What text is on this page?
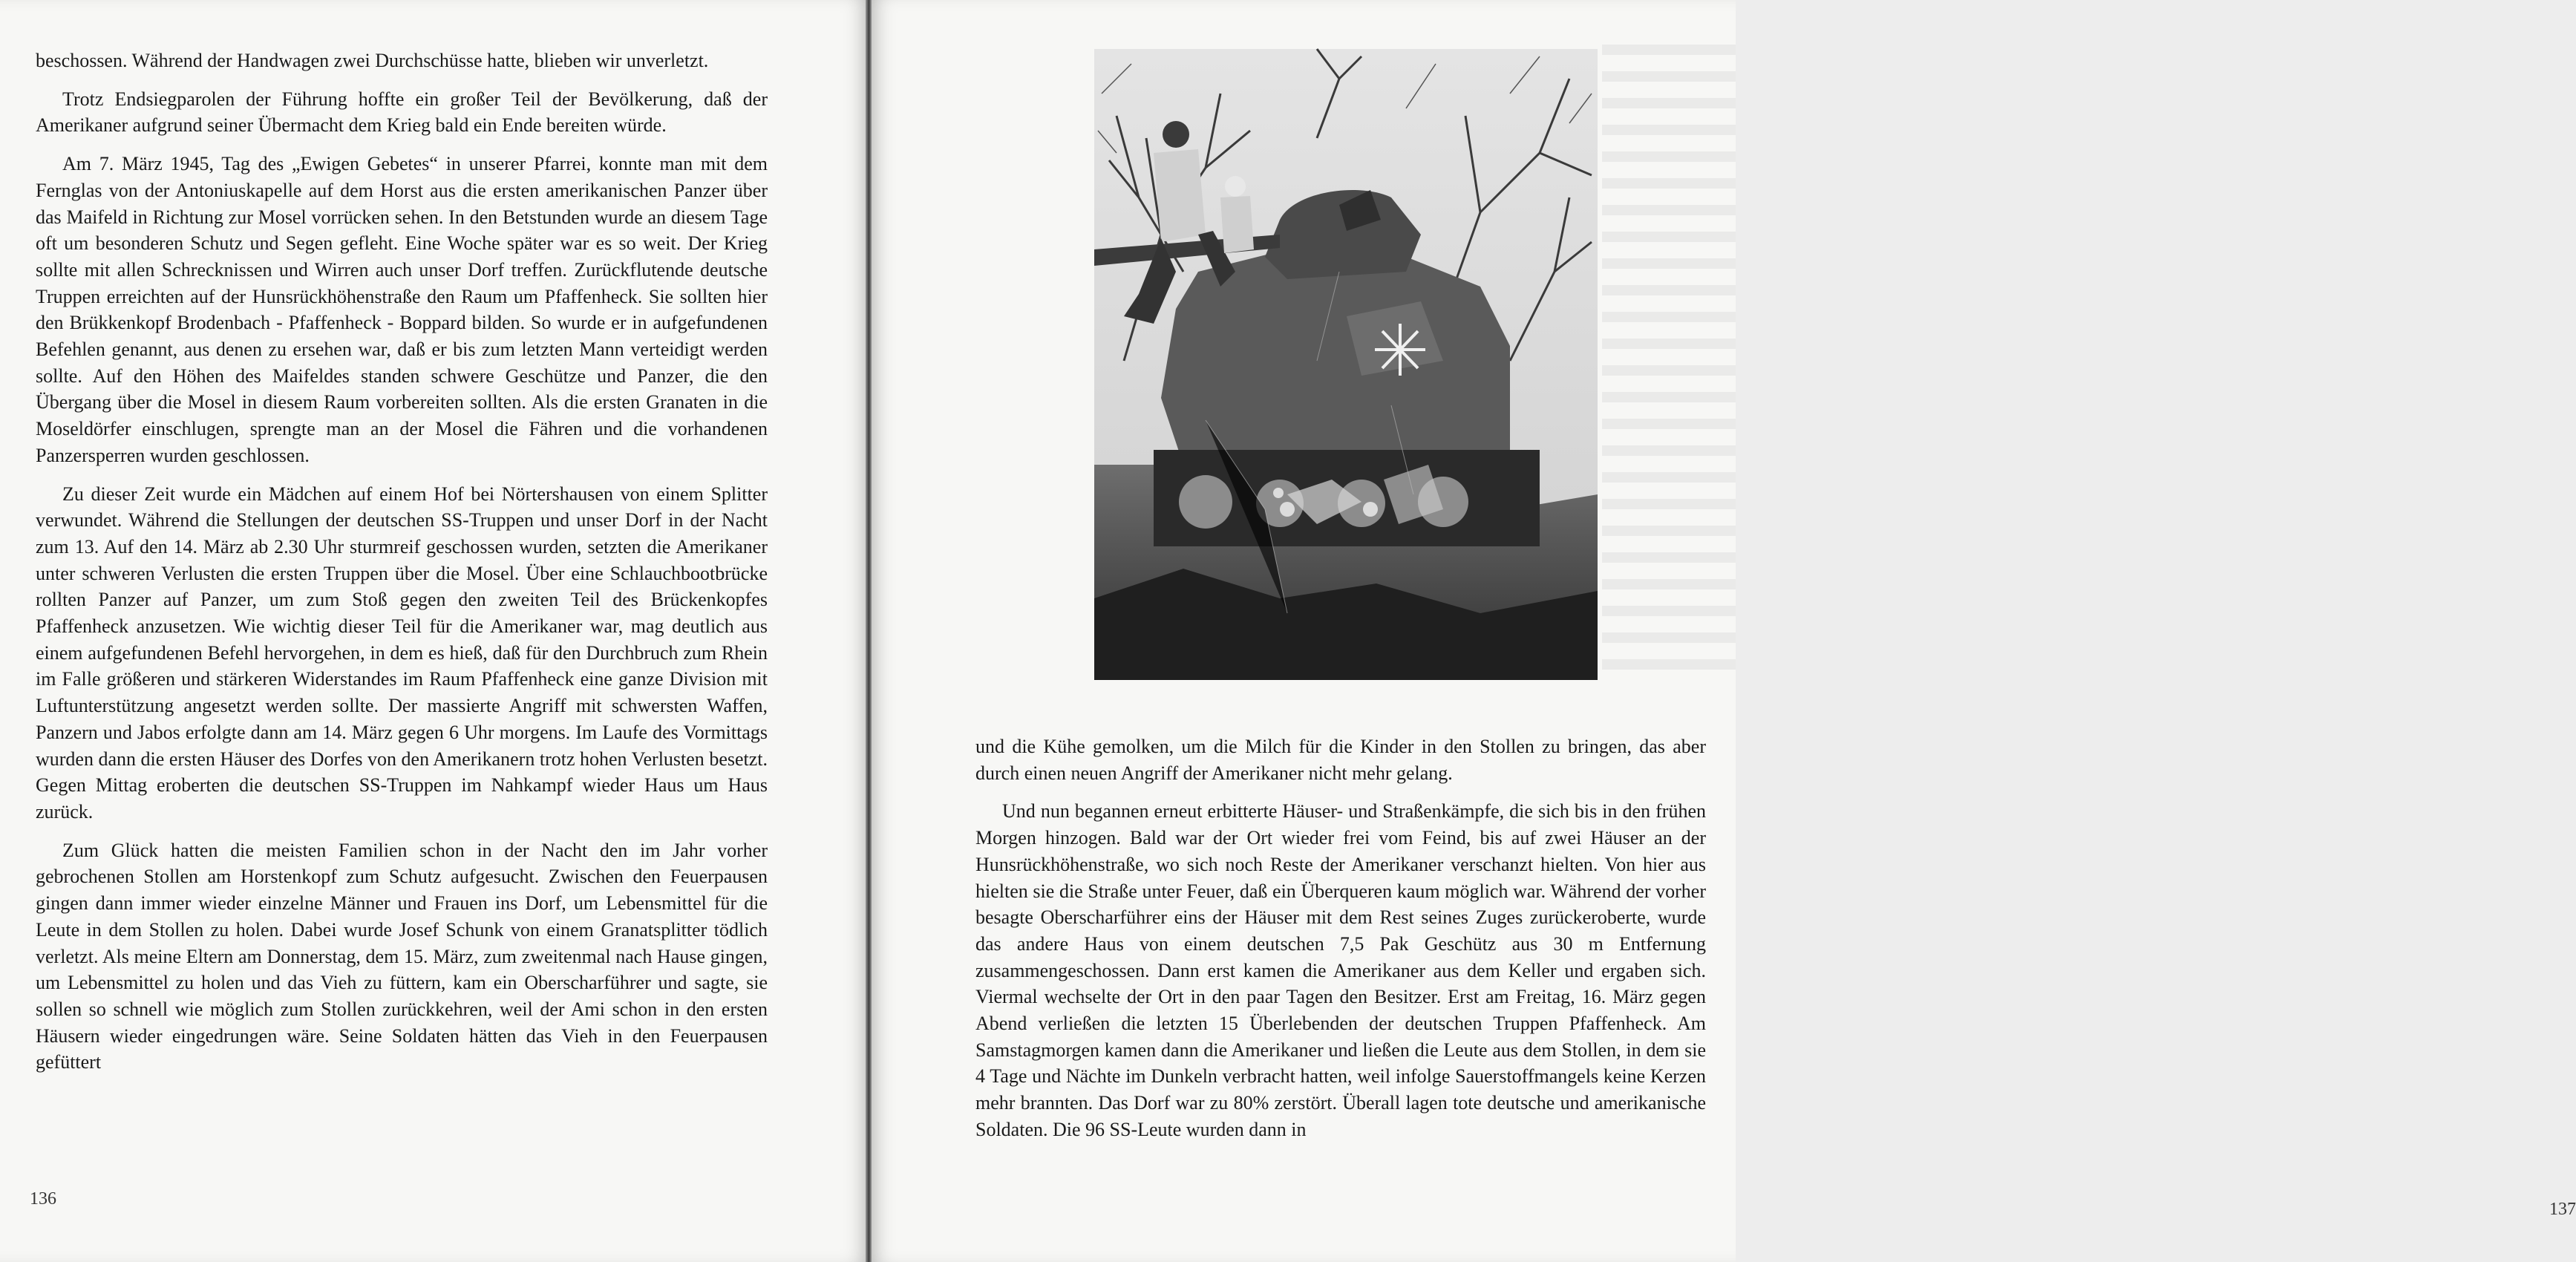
beschossen. Während der Handwagen zwei Durchschüsse hatte, blieben wir unverletzt.

Trotz Endsiegparolen der Führung hoffte ein großer Teil der Bevölkerung, daß der Amerikaner aufgrund seiner Übermacht dem Krieg bald ein Ende bereiten würde.

Am 7. März 1945, Tag des „Ewigen Gebetes“ in unserer Pfarrei, konnte man mit dem Fernglas von der Antoniuskapelle auf dem Horst aus die ersten amerikanischen Panzer über das Maifeld in Richtung zur Mosel vorrücken sehen. In den Betstunden wurde an diesem Tage oft um besonderen Schutz und Segen gefleht. Eine Woche später war es so weit. Der Krieg sollte mit allen Schrecknissen und Wirren auch unser Dorf treffen. Zurückflutende deutsche Truppen erreichten auf der Hunsrückhöhenstraße den Raum um Pfaffenheck. Sie sollten hier den Brükkenkopf Brodenbach - Pfaffenheck - Boppard bilden. So wurde er in aufgefundenen Befehlen genannt, aus denen zu ersehen war, daß er bis zum letzten Mann verteidigt werden sollte. Auf den Höhen des Maifeldes standen schwere Geschütze und Panzer, die den Übergang über die Mosel in diesem Raum vorbereiten sollten. Als die ersten Granaten in die Moseldörfer einschlugen, sprengte man an der Mosel die Fähren und die vorhandenen Panzersperren wurden geschlossen.

Zu dieser Zeit wurde ein Mädchen auf einem Hof bei Nörtershausen von einem Splitter verwundet. Während die Stellungen der deutschen SS-Truppen und unser Dorf in der Nacht zum 13. Auf den 14. März ab 2.30 Uhr sturmreif geschossen wurden, setzten die Amerikaner unter schweren Verlusten die ersten Truppen über die Mosel. Über eine Schlauchbootbrücke rollten Panzer auf Panzer, um zum Stoß gegen den zweiten Teil des Brückenkopfes Pfaffenheck anzusetzen. Wie wichtig dieser Teil für die Amerikaner war, mag deutlich aus einem aufgefundenen Befehl hervorgehen, in dem es hieß, daß für den Durchbruch zum Rhein im Falle größeren und stärkeren Widerstandes im Raum Pfaffenheck eine ganze Division mit Luftunterstützung angesetzt werden sollte. Der massierte Angriff mit schwersten Waffen, Panzern und Jabos erfolgte dann am 14. März gegen 6 Uhr morgens. Im Laufe des Vormittags wurden dann die ersten Häuser des Dorfes von den Amerikanern trotz hohen Verlusten besetzt. Gegen Mittag eroberten die deutschen SS-Truppen im Nahkampf wieder Haus um Haus zurück.

Zum Glück hatten die meisten Familien schon in der Nacht den im Jahr vorher gebrochenen Stollen am Horstenkopf zum Schutz aufgesucht. Zwischen den Feuerpausen gingen dann immer wieder einzelne Männer und Frauen ins Dorf, um Lebensmittel für die Leute in dem Stollen zu holen. Dabei wurde Josef Schunk von einem Granatsplitter tödlich verletzt. Als meine Eltern am Donnerstag, dem 15. März, zum zweitenmal nach Hause gingen, um Lebensmittel zu holen und das Vieh zu füttern, kam ein Oberscharführer und sagte, sie sollen so schnell wie möglich zum Stollen zurückkehren, weil der Ami schon in den ersten Häusern wieder eingedrungen wäre. Seine Soldaten hätten das Vieh in den Feuerpausen gefüttert

136
137

und die Kühe gemolken, um die Milch für die Kinder in den Stollen zu bringen, das aber durch einen neuen Angriff der Amerikaner nicht mehr gelang.

Und nun begannen erneut erbitterte Häuser- und Straßenkämpfe, die sich bis in den frühen Morgen hinzogen. Bald war der Ort wieder frei vom Feind, bis auf zwei Häuser an der Hunsrückhöhenstraße, wo sich noch Reste der Amerikaner verschanzt hielten. Von hier aus hielten sie die Straße unter Feuer, daß ein Überqueren kaum möglich war. Während der vorher besagte Oberscharführer eins der Häuser mit dem Rest seines Zuges zurückeroberte, wurde das andere Haus von einem deutschen 7,5 Pak Geschütz aus 30 m Entfernung zusammengeschossen. Dann erst kamen die Amerikaner aus dem Keller und ergaben sich. Viermal wechselte der Ort in den paar Tagen den Besitzer. Erst am Freitag, 16. März gegen Abend verließen die letzten 15 Überlebenden der deutschen Truppen Pfaffenheck. Am Samstagmorgen kamen dann die Amerikaner und ließen die Leute aus dem Stollen, in dem sie 4 Tage und Nächte im Dunkeln verbracht hatten, weil infolge Sauerstoffmangels keine Kerzen mehr brannten. Das Dorf war zu 80% zerstört. Überall lagen tote deutsche und amerikanische Soldaten. Die 96 SS-Leute wurden dann in
